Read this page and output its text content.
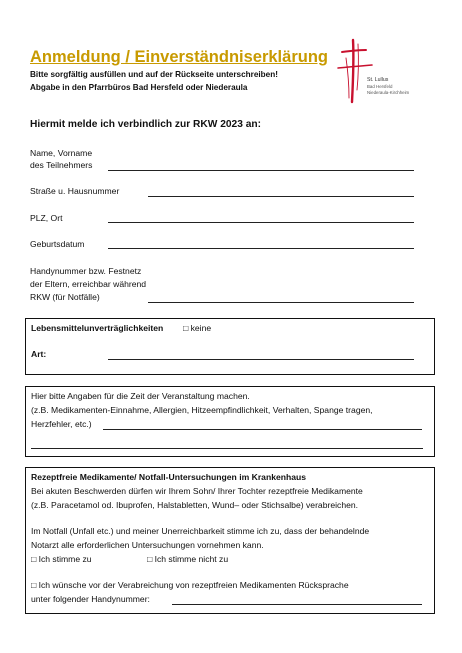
Anmeldung / Einverständniserklärung
Bitte sorgfältig ausfüllen und auf der Rückseite unterschreiben!
Abgabe in den Pfarrbüros Bad Hersfeld oder Niederaula
St. Lullus
Bad Hersfeld
Niederaula-Kirchheim
Hiermit melde ich verbindlich zur RKW 2023 an:
Name, Vorname
des Teilnehmers
Straße u. Hausnummer
PLZ, Ort
Geburtsdatum
Handynummer bzw. Festnetz
der Eltern, erreichbar während
RKW (für Notfälle)
Lebensmittelunverträglichkeiten □ keine
Art:
Hier bitte Angaben für die Zeit der Veranstaltung machen.
(z.B. Medikamenten-Einnahme, Allergien, Hitzeempfindlichkeit, Verhalten, Spange tragen,
Herzfehler, etc.)
Rezeptfreie Medikamente/ Notfall-Untersuchungen im Krankenhaus
Bei akuten Beschwerden dürfen wir Ihrem Sohn/ Ihrer Tochter rezeptfreie Medikamente
(z.B. Paracetamol od. Ibuprofen, Halstabletten, Wund– oder Stichsalbe) verabreichen.
Im Notfall (Unfall etc.) und meiner Unerreichbarkeit stimme ich zu, dass der behandelnde
Notarzt alle erforderlichen Untersuchungen vornehmen kann.
□ Ich stimme zu	□ Ich stimme nicht zu
□ Ich wünsche vor der Verabreichung von rezeptfreien Medikamenten Rücksprache
unter folgender Handynummer:
